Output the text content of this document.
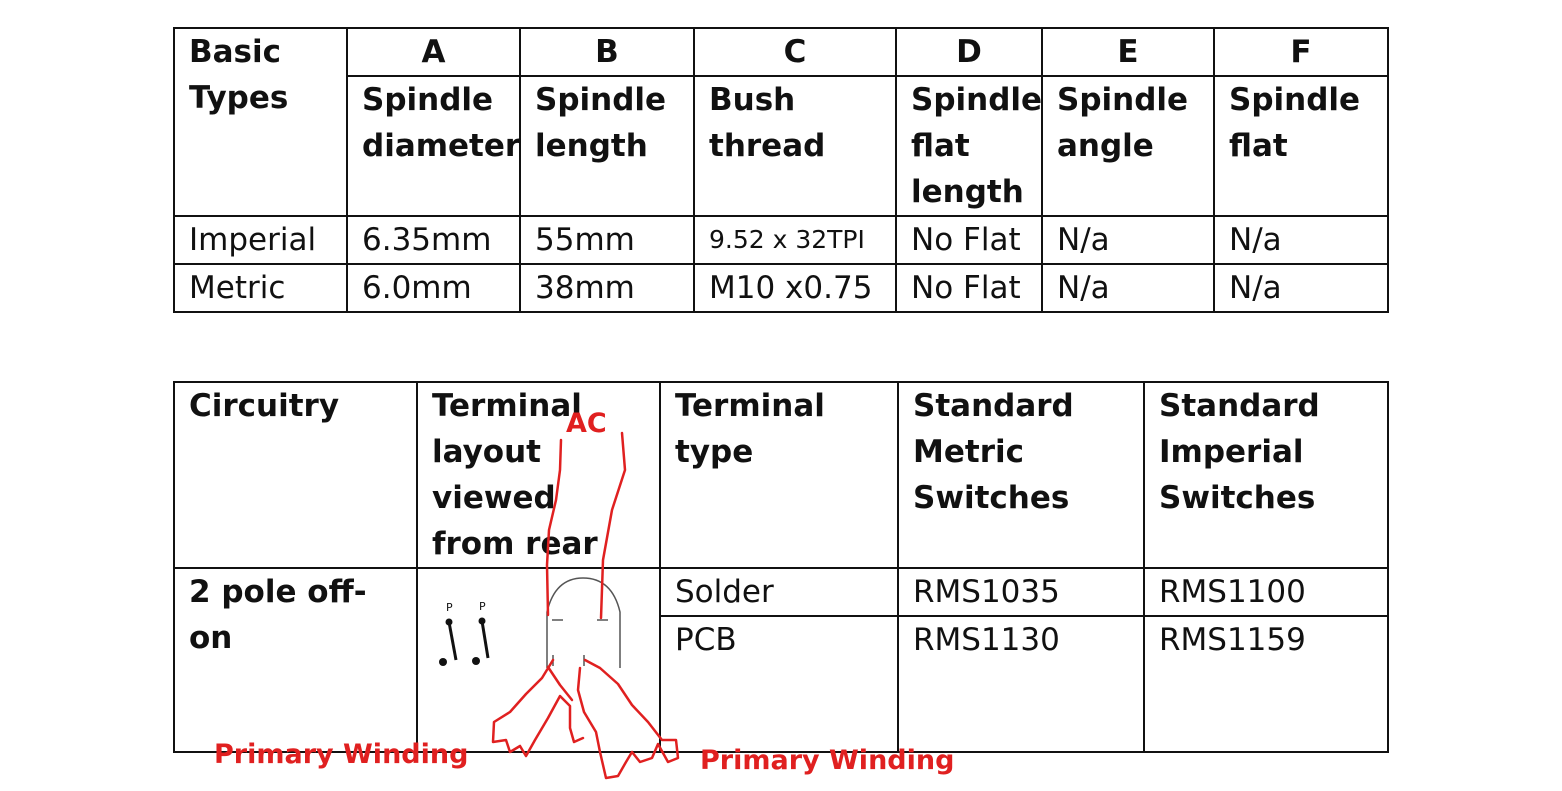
Basic Types	A	B	C	D	E	F
	Spindle diameter	Spindle length	Bush thread	Spindle flat length	Spindle angle	Spindle flat
Imperial	6.35mm	55mm	9.52 x 32TPI	No Flat	N/a	N/a
Metric	6.0mm	38mm	M10 x0.75	No Flat	N/a	N/a
Circuitry	Terminal layout viewed from rear	Terminal type	Standard Metric Switches	Standard Imperial Switches
2 pole off-on		Solder	RMS1035	RMS1100
		PCB	RMS1130	RMS1159
P P
AC
Primary Winding	Primary Winding
